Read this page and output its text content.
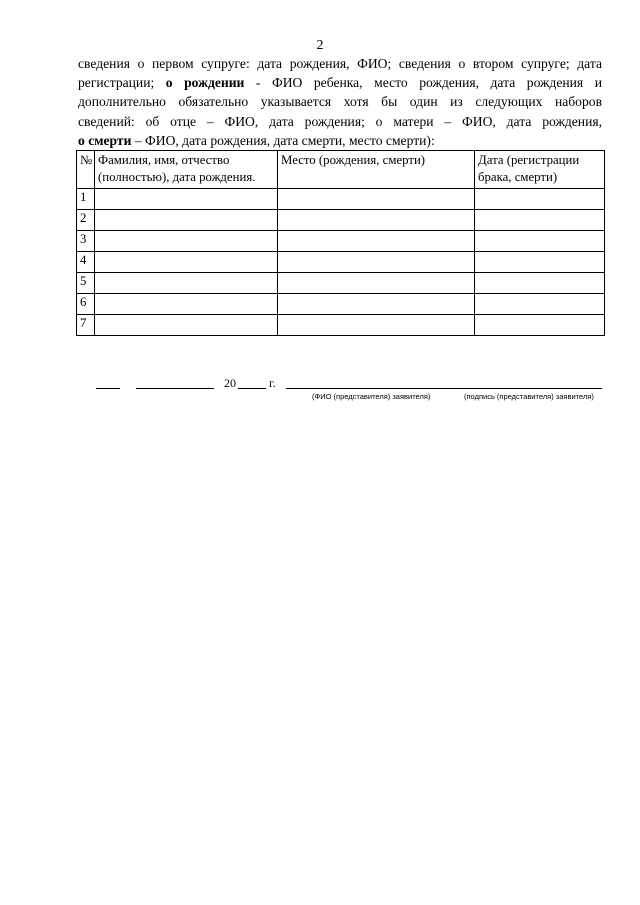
2
сведения о первом супруге: дата рождения, ФИО; сведения о втором супруге; дата
регистрации; о рождении - ФИО ребенка, место рождения, дата рождения и
дополнительно обязательно указывается хотя бы один из следующих наборов
сведений: об отце – ФИО, дата рождения; о матери – ФИО, дата рождения,
о смерти – ФИО, дата рождения, дата смерти, место смерти):
№	Фамилия, имя, отчество (полностью), дата рождения.	Место (рождения, смерти)	Дата (регистрации брака, смерти)
1			
2			
3			
4			
5			
6			
7			
20	г.
(ФИО (представителя) заявителя)	(подпись (представителя) заявителя)
